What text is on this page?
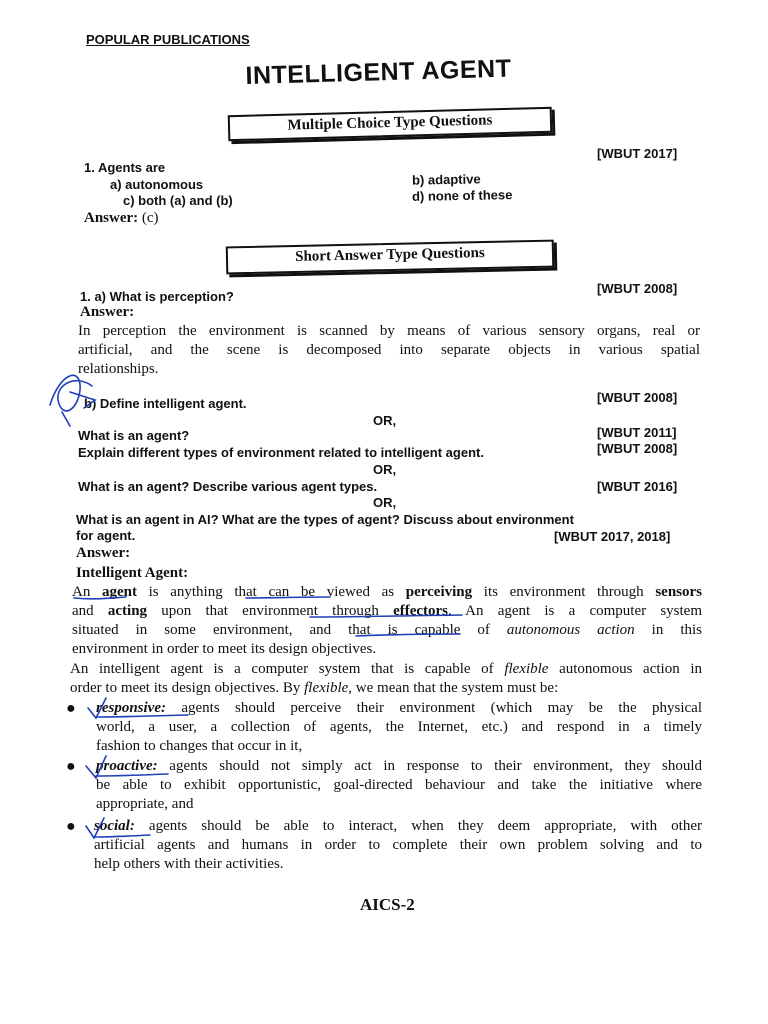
POPULAR PUBLICATIONS
INTELLIGENT AGENT
Multiple Choice Type Questions
[WBUT 2017]
1. Agents are
a) autonomous	b) adaptive
c) both (a) and (b)	d) none of these
Answer: (c)
Short Answer Type Questions
1. a) What is perception?
[WBUT 2008]
Answer:
In perception the environment is scanned by means of various sensory organs, real or
artificial, and the scene is decomposed into separate objects in various spatial
relationships.
b) Define intelligent agent.	[WBUT 2008]
OR,
What is an agent?	[WBUT 2011]
Explain different types of environment related to intelligent agent.	[WBUT 2008]
OR,
What is an agent? Describe various agent types.	[WBUT 2016]
OR,
What is an agent in AI? What are the types of agent? Discuss about environment
for agent.	[WBUT 2017, 2018]
Answer:
Intelligent Agent:
An agent is anything that can be viewed as perceiving its environment through sensors
and acting upon that environment through effectors. An agent is a computer system
situated in some environment, and that is capable of autonomous action in this
environment in order to meet its design objectives.
An intelligent agent is a computer system that is capable of flexible autonomous action in
order to meet its design objectives. By flexible, we mean that the system must be:
● responsive: agents should perceive their environment (which may be the physical
world, a user, a collection of agents, the Internet, etc.) and respond in a timely
fashion to changes that occur in it,
● proactive: agents should not simply act in response to their environment, they should
be able to exhibit opportunistic, goal-directed behaviour and take the initiative where
appropriate, and
● social: agents should be able to interact, when they deem appropriate, with other
artificial agents and humans in order to complete their own problem solving and to
help others with their activities.
AICS-2
